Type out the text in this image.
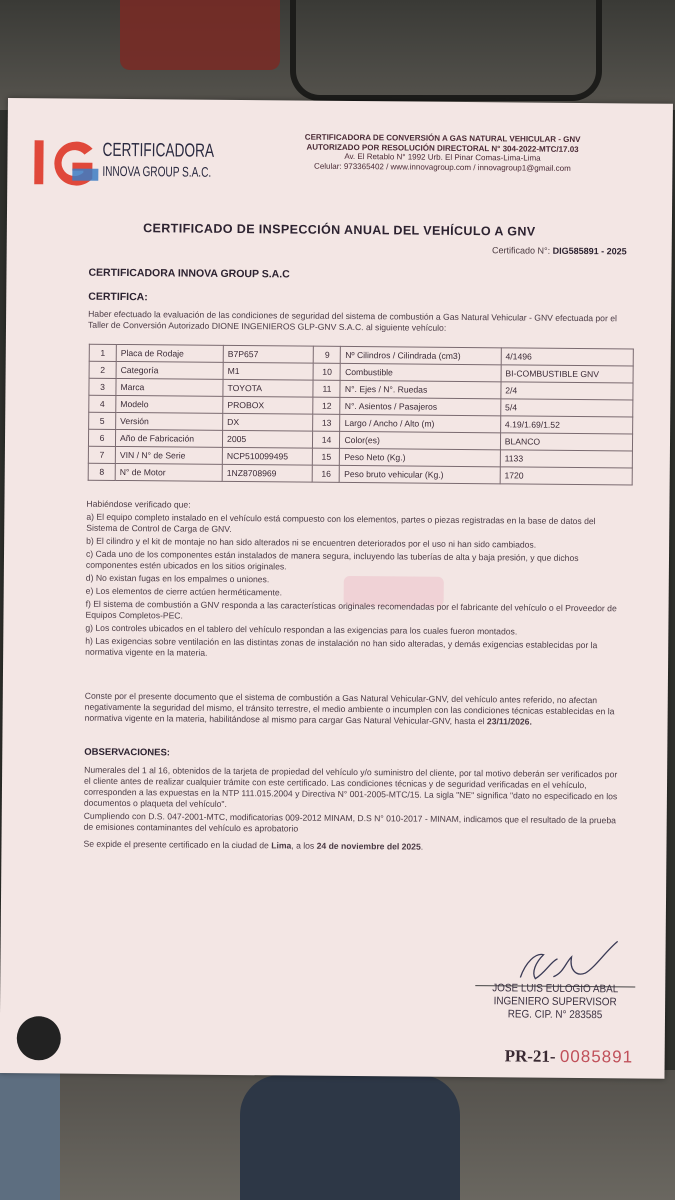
CERTIFICADORA
INNOVA GROUP S.A.C.
CERTIFICADORA DE CONVERSIÓN A GAS NATURAL VEHICULAR - GNV
AUTORIZADO POR RESOLUCIÓN DIRECTORAL N° 304-2022-MTC/17.03
Av. El Retablo N° 1992 Urb. El Pinar Comas-Lima-Lima
Celular: 973365402 / www.innovagroup.com / innovagroup1@gmail.com
CERTIFICADO DE INSPECCIÓN ANUAL DEL VEHÍCULO A GNV
Certificado N°: DIG585891 - 2025
CERTIFICADORA INNOVA GROUP S.A.C
CERTIFICA:
Haber efectuado la evaluación de las condiciones de seguridad del sistema de combustión a Gas Natural Vehicular - GNV efectuada por el Taller de Conversión Autorizado DIONE INGENIEROS GLP-GNV S.A.C. al siguiente vehículo:
1	Placa de Rodaje	B7P657	9	Nº Cilindros / Cilindrada (cm3)	4/1496
2	Categoría	M1	10	Combustible	BI-COMBUSTIBLE GNV
3	Marca	TOYOTA	11	N°. Ejes / N°. Ruedas	2/4
4	Modelo	PROBOX	12	N°. Asientos / Pasajeros	5/4
5	Versión	DX	13	Largo / Ancho / Alto (m)	4.19/1.69/1.52
6	Año de Fabricación	2005	14	Color(es)	BLANCO
7	VIN / N° de Serie	NCP510099495	15	Peso Neto (Kg.)	1133
8	N° de Motor	1NZ8708969	16	Peso bruto vehicular (Kg.)	1720

Habiéndose verificado que:

a) El equipo completo instalado en el vehículo está compuesto con los elementos, partes o piezas registradas en la base de datos del Sistema de Control de Carga de GNV.

b) El cilindro y el kit de montaje no han sido alterados ni se encuentren deteriorados por el uso ni han sido cambiados.

c) Cada uno de los componentes están instalados de manera segura, incluyendo las tuberías de alta y baja presión, y que dichos componentes estén ubicados en los sitios originales.

d) No existan fugas en los empalmes o uniones.

e) Los elementos de cierre actúen herméticamente.

f) El sistema de combustión a GNV responda a las características originales recomendadas por el fabricante del vehículo o el Proveedor de Equipos Completos-PEC.

g) Los controles ubicados en el tablero del vehículo respondan a las exigencias para los cuales fueron montados.

h) Las exigencias sobre ventilación en las distintas zonas de instalación no han sido alteradas, y demás exigencias establecidas por la normativa vigente en la materia.

Conste por el presente documento que el sistema de combustión a Gas Natural Vehicular-GNV, del vehículo antes referido, no afectan negativamente la seguridad del mismo, el tránsito terrestre, el medio ambiente o incumplen con las condiciones técnicas establecidas en la normativa vigente en la materia, habilitándose al mismo para cargar Gas Natural Vehicular-GNV, hasta el 23/11/2026.
OBSERVACIONES:

Numerales del 1 al 16, obtenidos de la tarjeta de propiedad del vehículo y/o suministro del cliente, por tal motivo deberán ser verificados por el cliente antes de realizar cualquier trámite con este certificado. Las condiciones técnicas y de seguridad verificadas en el vehículo, corresponden a las expuestas en la NTP 111.015.2004 y Directiva N° 001-2005-MTC/15. La sigla "NE" significa "dato no especificado en los documentos o plaqueta del vehículo".

Cumpliendo con D.S. 047-2001-MTC, modificatorias 009-2012 MINAM, D.S N° 010-2017 - MINAM, indicamos que el resultado de la prueba de emisiones contaminantes del vehículo es aprobatorio

Se expide el presente certificado en la ciudad de Lima, a los 24 de noviembre del 2025.

JOSE LUIS EULOGIO ABAL
INGENIERO SUPERVISOR
REG. CIP. N° 283585
PR-21- 0085891
